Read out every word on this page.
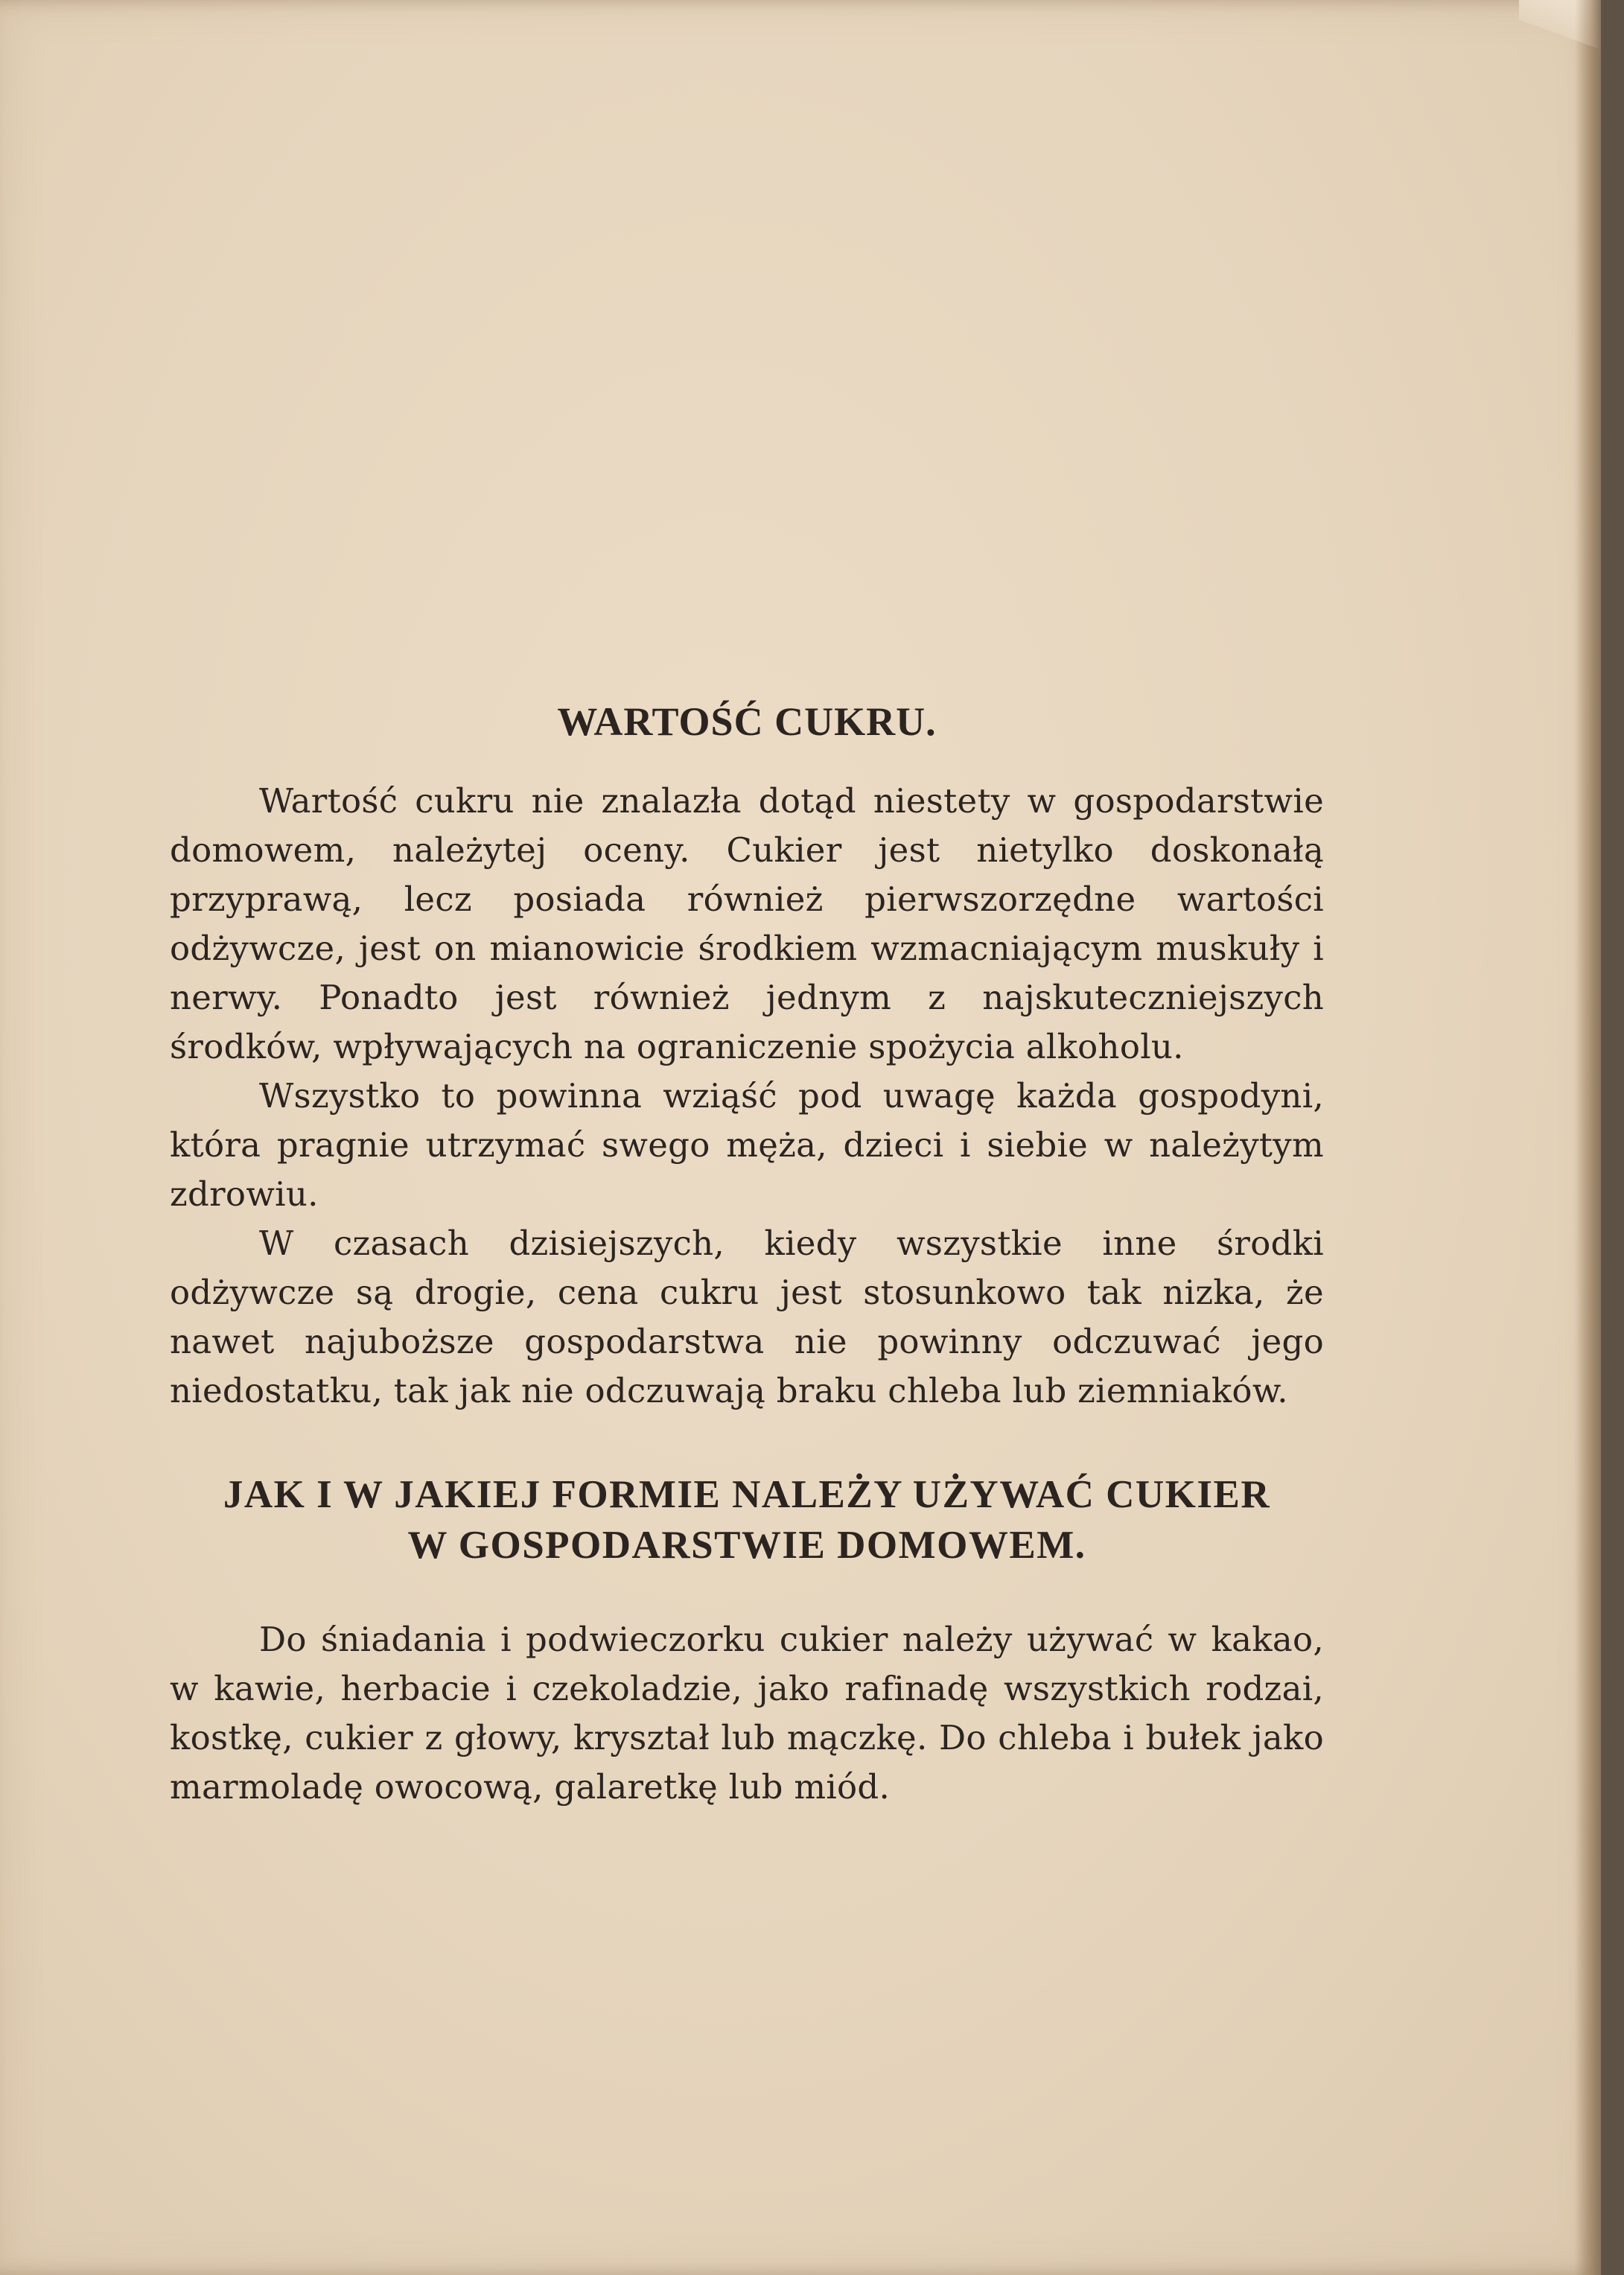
WARTOŚĆ CUKRU.

Wartość cukru nie znalazła dotąd niestety w gospodarstwie domowem, należytej oceny. Cukier jest nietylko doskonałą przyprawą, lecz posiada również pierwszorzędne wartości odżywcze, jest on mianowicie środkiem wzmacniającym muskuły i nerwy. Ponadto jest również jednym z najskuteczniejszych środków, wpływających na ograniczenie spożycia alkoholu.

Wszystko to powinna wziąść pod uwagę każda gospodyni, która pragnie utrzymać swego męża, dzieci i siebie w należytym zdrowiu.

W czasach dzisiejszych, kiedy wszystkie inne środki odżywcze są drogie, cena cukru jest stosunkowo tak nizka, że nawet najuboższe gospodarstwa nie powinny odczuwać jego niedostatku, tak jak nie odczuwają braku chleba lub ziemniaków.

JAK I W JAKIEJ FORMIE NALEŻY UŻYWAĆ CUKIER
W GOSPODARSTWIE DOMOWEM.

Do śniadania i podwieczorku cukier należy używać w kakao, w kawie, herbacie i czekoladzie, jako rafinadę wszystkich rodzai, kostkę, cukier z głowy, kryształ lub mączkę. Do chleba i bułek jako marmoladę owocową, galaretkę lub miód.
